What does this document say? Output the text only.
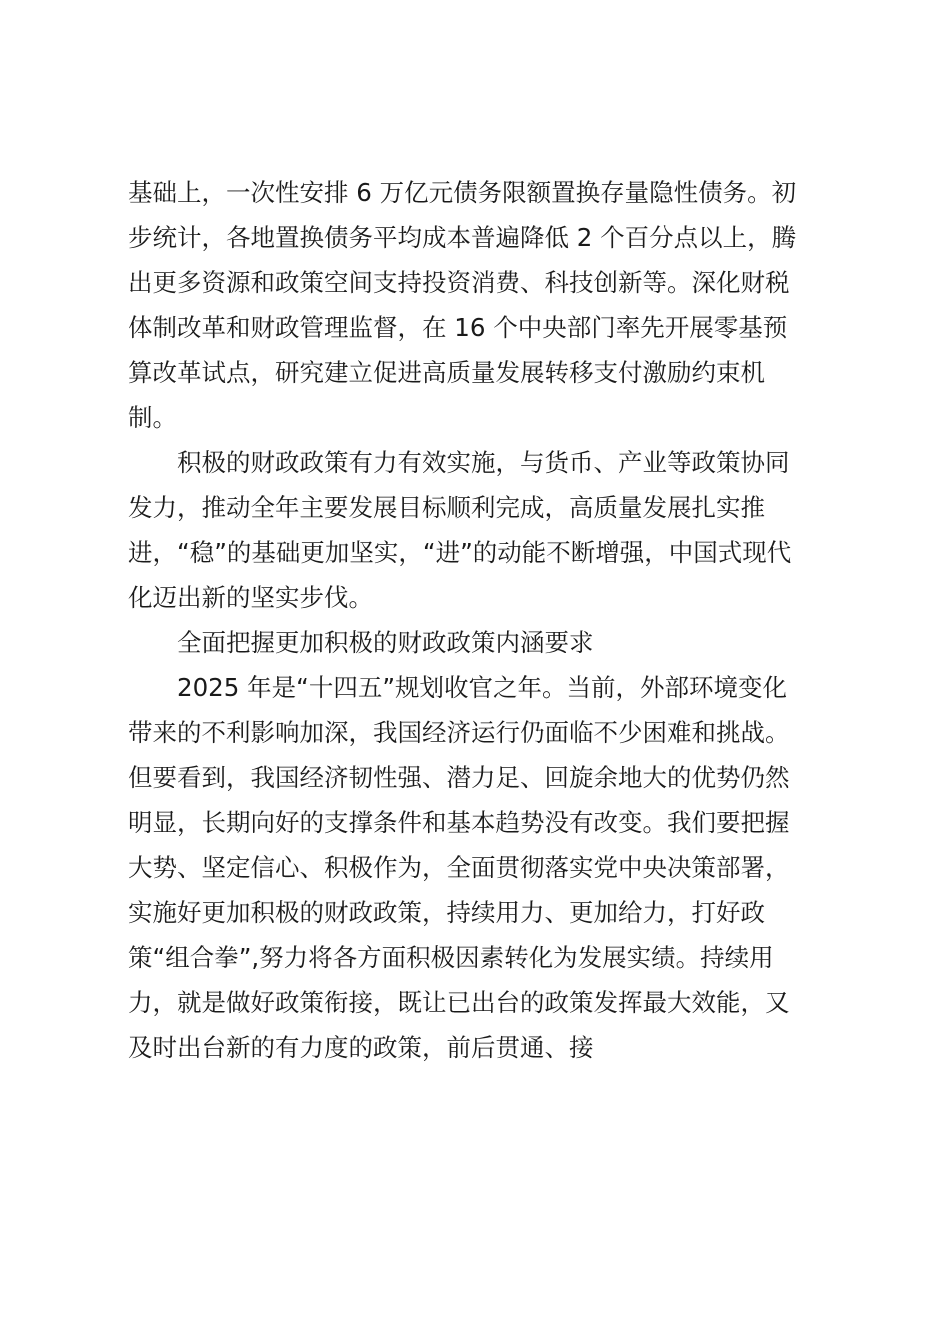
基础上，一次性安排 6 万亿元债务限额置换存量隐性债务。初
步统计，各地置换债务平均成本普遍降低 2 个百分点以上，腾
出更多资源和政策空间支持投资消费、科技创新等。深化财税
体制改革和财政管理监督，在 16 个中央部门率先开展零基预
算改革试点，研究建立促进高质量发展转移支付激励约束机
制。
积极的财政政策有力有效实施，与货币、产业等政策协同
发力，推动全年主要发展目标顺利完成，高质量发展扎实推
进，“稳”的基础更加坚实，“进”的动能不断增强，中国式现代
化迈出新的坚实步伐。
全面把握更加积极的财政政策内涵要求
2025 年是“十四五”规划收官之年。当前，外部环境变化
带来的不利影响加深，我国经济运行仍面临不少困难和挑战。
但要看到，我国经济韧性强、潜力足、回旋余地大的优势仍然
明显，长期向好的支撑条件和基本趋势没有改变。我们要把握
大势、坚定信心、积极作为，全面贯彻落实党中央决策部署，
实施好更加积极的财政政策，持续用力、更加给力，打好政
策“组合拳”,努力将各方面积极因素转化为发展实绩。持续用
力，就是做好政策衔接，既让已出台的政策发挥最大效能，又
及时出台新的有力度的政策，前后贯通、接
